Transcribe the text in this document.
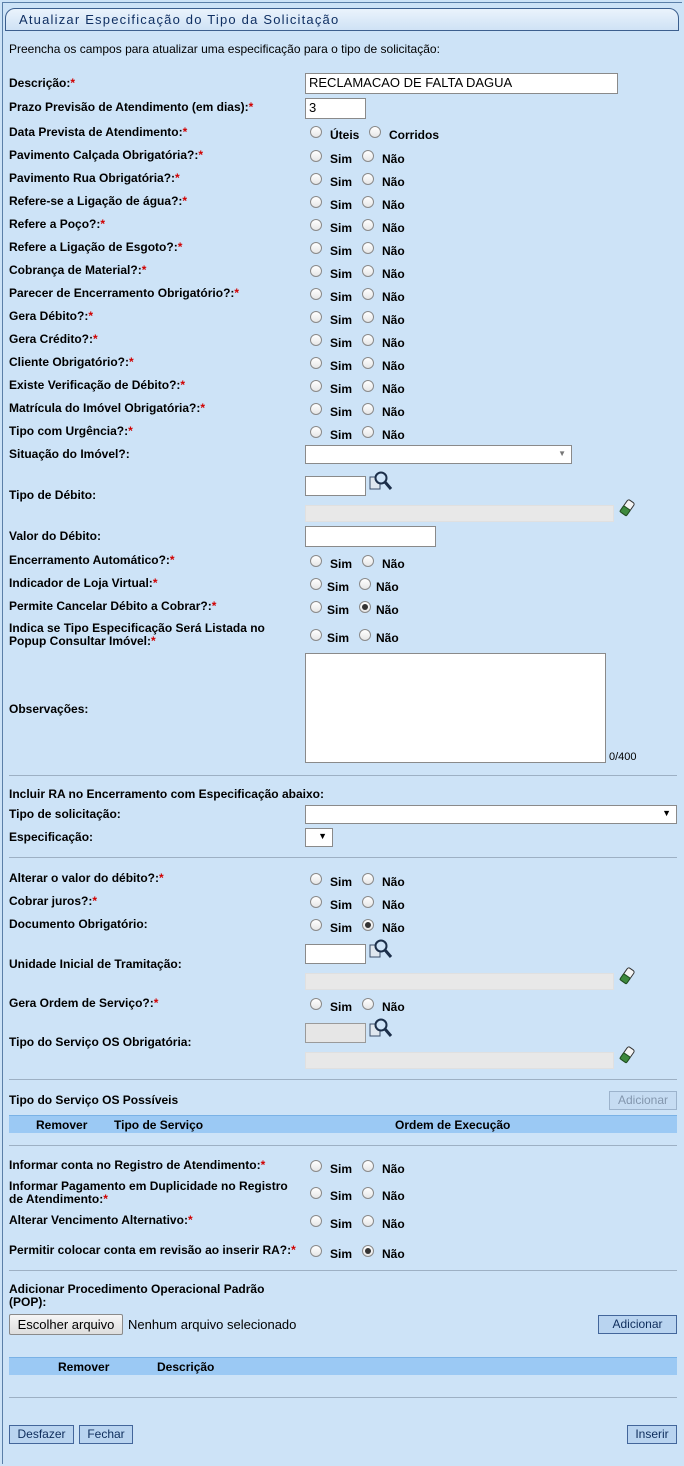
Atualizar Especificação do Tipo da Solicitação
Preencha os campos para atualizar uma especificação para o tipo de solicitação:
Descrição:*	RECLAMACAO DE FALTA DAGUA
Prazo Previsão de Atendimento (em dias):*	3
Data Prevista de Atendimento:*	Úteis Corridos
Pavimento Calçada Obrigatória?:*	Sim Não
Pavimento Rua Obrigatória?:*	Sim Não
Refere-se a Ligação de água?:*	Sim Não
Refere a Poço?:*	Sim Não
Refere a Ligação de Esgoto?:*	Sim Não
Cobrança de Material?:*	Sim Não
Parecer de Encerramento Obrigatório?:*	Sim Não
Gera Débito?:*	Sim Não
Gera Crédito?:*	Sim Não
Cliente Obrigatório?:*	Sim Não
Existe Verificação de Débito?:*	Sim Não
Matrícula do Imóvel Obrigatória?:*	Sim Não
Tipo com Urgência?:*	Sim Não
Situação do Imóvel?:	▼
Tipo de Débito:
Valor do Débito:
Encerramento Automático?:*	Sim Não
Indicador de Loja Virtual:*	Sim Não
Permite Cancelar Débito a Cobrar?:*	Sim Não
Indica se Tipo Especificação Será Listada no
Popup Consultar Imóvel:*	Sim Não
Observações:
0/400
Incluir RA no Encerramento com Especificação abaixo:
Tipo de solicitação:	▼
Especificação:	▼
Alterar o valor do débito?:*	Sim Não
Cobrar juros?:*	Sim Não
Documento Obrigatório:	Sim Não
Unidade Inicial de Tramitação:
Gera Ordem de Serviço?:*	Sim Não
Tipo do Serviço OS Obrigatória:
Tipo do Serviço OS Possíveis	Adicionar
Remover Tipo de Serviço	Ordem de Execução
Informar conta no Registro de Atendimento:*	Sim Não
Informar Pagamento em Duplicidade no Registro
de Atendimento:*	Sim Não
Alterar Vencimento Alternativo:*	Sim Não
Permitir colocar conta em revisão ao inserir RA?:*	Sim Não
Adicionar Procedimento Operacional Padrão
(POP):
Escolher arquivo	Nenhum arquivo selecionado	Adicionar
Remover	Descrição
Desfazer	Fechar	Inserir
